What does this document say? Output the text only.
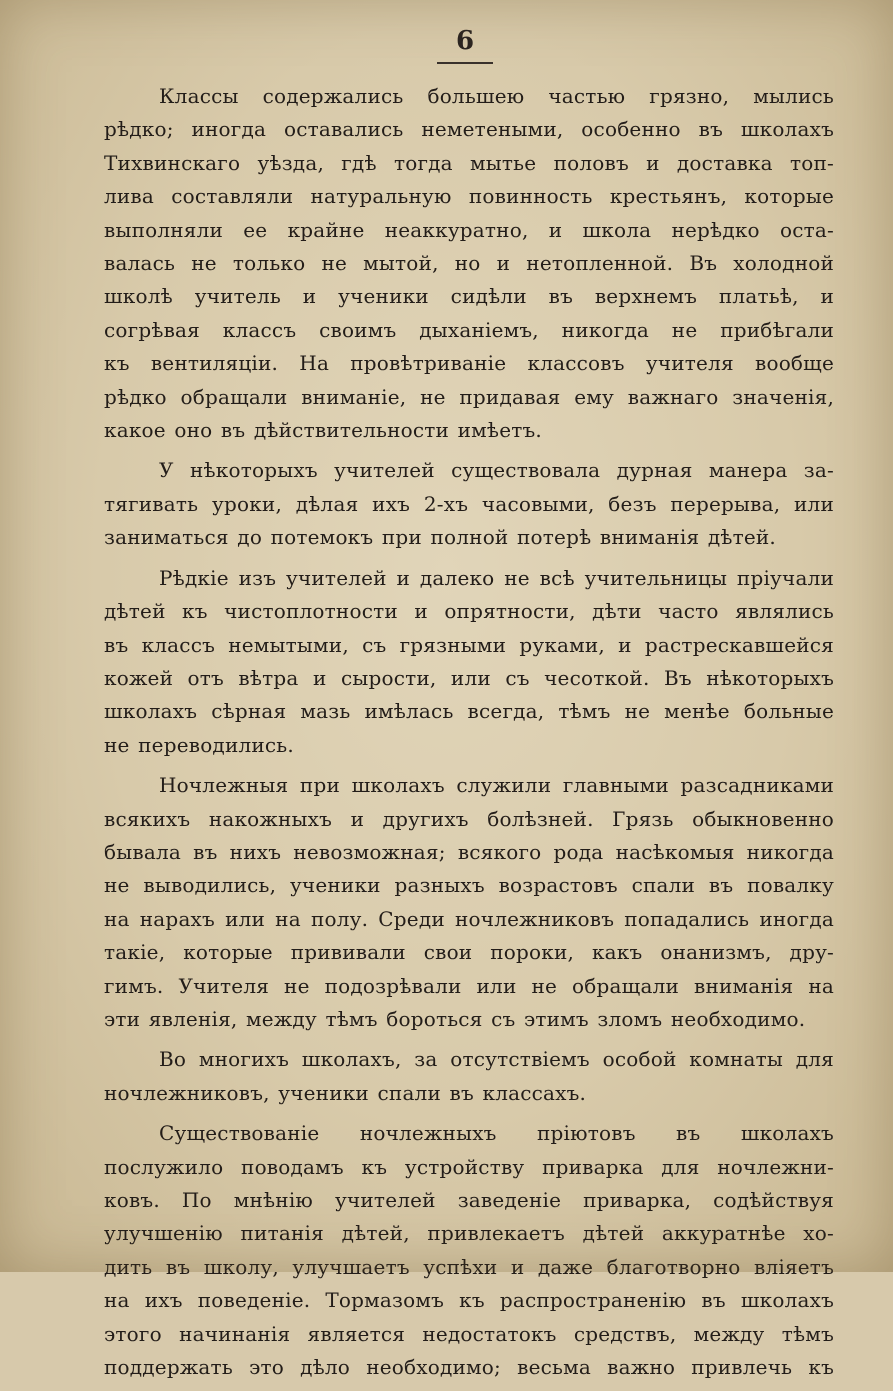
6
Классы содержались большею частью грязно, мылись
рѣдко; иногда оставались неметеными, особенно въ школахъ
Тихвинскаго уѣзда, гдѣ тогда мытье половъ и доставка топ-
лива составляли натуральную повинность крестьянъ, которые
выполняли ее крайне неаккуратно, и школа нерѣдко оста-
валась не только не мытой, но и нетопленной. Въ холодной
школѣ учитель и ученики сидѣли въ верхнемъ платьѣ, и
согрѣвая классъ своимъ дыханiемъ, никогда не прибѣгали
къ вентиляцiи. На провѣтриванiе классовъ учителя вообще
рѣдко обращали вниманiе, не придавая ему важнаго значенiя,
какое оно въ дѣйствительности имѣетъ.
У нѣкоторыхъ учителей существовала дурная манера за-
тягивать уроки, дѣлая ихъ 2-хъ часовыми, безъ перерыва, или
заниматься до потемокъ при полной потерѣ вниманiя дѣтей.
Рѣдкiе изъ учителей и далеко не всѣ учительницы прiучали
дѣтей къ чистоплотности и опрятности, дѣти часто являлись
въ классъ немытыми, съ грязными руками, и растрескавшейся
кожей отъ вѣтра и сырости, или съ чесоткой. Въ нѣкоторыхъ
школахъ сѣрная мазь имѣлась всегда, тѣмъ не менѣе больные
не переводились.
Ночлежныя при школахъ служили главными разсадниками
всякихъ накожныхъ и другихъ болѣзней. Грязь обыкновенно
бывала въ нихъ невозможная; всякого рода насѣкомыя никогда
не выводились, ученики разныхъ возрастовъ спали въ повалку
на нарахъ или на полу. Среди ночлежниковъ попадались иногда
такiе, которые прививали свои пороки, какъ онанизмъ, дру-
гимъ. Учителя не подозрѣвали или не обращали вниманiя на
эти явленiя, между тѣмъ бороться съ этимъ зломъ необходимо.
Во многихъ школахъ, за отсутствiемъ особой комнаты для
ночлежниковъ, ученики спали въ классахъ.
Существованiе ночлежныхъ прiютовъ въ школахъ
послужило поводамъ къ устройству приварка для ночлежни-
ковъ. По мнѣнiю учителей заведенiе приварка, содѣйствуя
улучшенiю питанiя дѣтей, привлекаетъ дѣтей аккуратнѣе хо-
дить въ школу, улучшаетъ успѣхи и даже благотворно влiяетъ
на ихъ поведенiе. Тормазомъ къ распространенiю въ школахъ
этого начинанiя является недостатокъ средствъ, между тѣмъ
поддержать это дѣло необходимо; весьма важно привлечь къ
